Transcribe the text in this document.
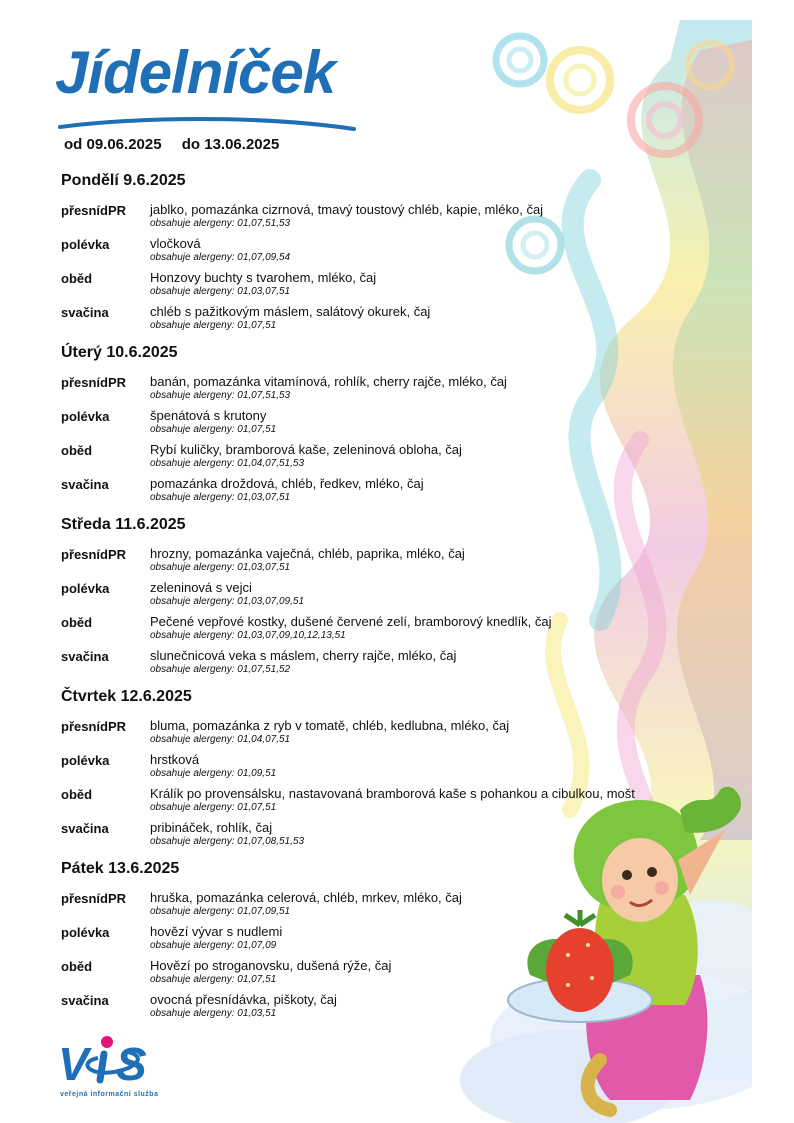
Jídelníček
od 09.06.2025 do 13.06.2025
Pondělí 9.6.2025
přesnídPR	jablko, pomazánka cizrnová, tmavý toustový chléb, kapie, mléko, čaj
obsahuje alergeny: 01,07,51,53
polévka	vločková
obsahuje alergeny: 01,07,09,54
oběd	Honzovy buchty s tvarohem, mléko, čaj
obsahuje alergeny: 01,03,07,51
svačina	chléb s pažitkovým máslem, salátový okurek, čaj
obsahuje alergeny: 01,07,51
Úterý 10.6.2025
přesnídPR	banán, pomazánka vitamínová, rohlík, cherry rajče, mléko, čaj
obsahuje alergeny: 01,07,51,53
polévka	špenátová s krutony
obsahuje alergeny: 01,07,51
oběd	Rybí kuličky, bramborová kaše, zeleninová obloha, čaj
obsahuje alergeny: 01,04,07,51,53
svačina	pomazánka droždová, chléb, ředkev, mléko, čaj
obsahuje alergeny: 01,03,07,51
Středa 11.6.2025
přesnídPR	hrozny, pomazánka vaječná, chléb, paprika, mléko, čaj
obsahuje alergeny: 01,03,07,51
polévka	zeleninová s vejci
obsahuje alergeny: 01,03,07,09,51
oběd	Pečené vepřové kostky, dušené červené zelí, bramborový knedlík, čaj
obsahuje alergeny: 01,03,07,09,10,12,13,51
svačina	slunečnicová veka s máslem, cherry rajče, mléko, čaj
obsahuje alergeny: 01,07,51,52
Čtvrtek 12.6.2025
přesnídPR	bluma, pomazánka z ryb v tomatě, chléb, kedlubna, mléko, čaj
obsahuje alergeny: 01,04,07,51
polévka	hrstková
obsahuje alergeny: 01,09,51
oběd	Králík po provensálsku, nastavovaná bramborová kaše s pohankou a cibulkou, mošt
obsahuje alergeny: 01,07,51
svačina	pribináček, rohlík, čaj
obsahuje alergeny: 01,07,08,51,53
Pátek 13.6.2025
přesnídPR	hruška, pomazánka celerová, chléb, mrkev, mléko, čaj
obsahuje alergeny: 01,07,09,51
polévka	hovězí vývar s nudlemi
obsahuje alergeny: 01,07,09
oběd	Hovězí po stroganovsku, dušená rýže, čaj
obsahuje alergeny: 01,07,51
svačina	ovocná přesnídávka, piškoty, čaj
obsahuje alergeny: 01,03,51
V S
veřejná informační služba
